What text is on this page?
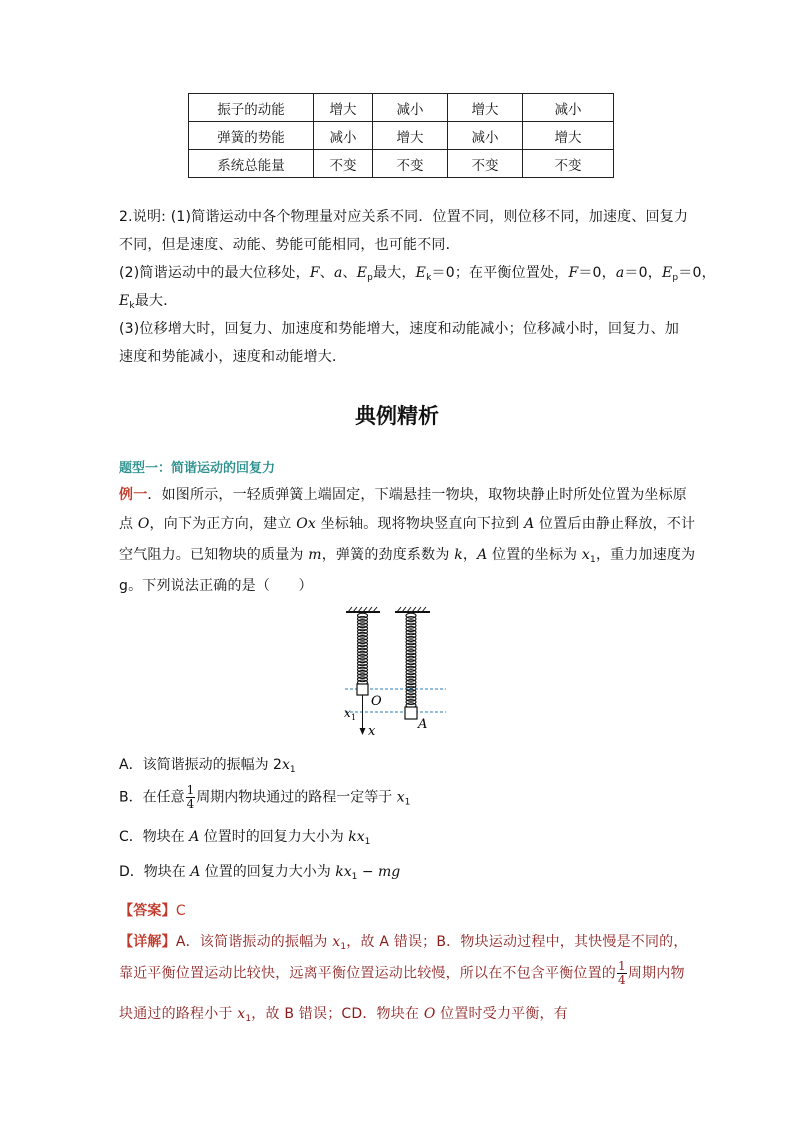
振子的动能	增大	减小	增大	减小
弹簧的势能	减小	增大	减小	增大
系统总能量	不变	不变	不变	不变
2.说明: (1)简谐运动中各个物理量对应关系不同．位置不同，则位移不同，加速度、回复力
不同，但是速度、动能、势能可能相同，也可能不同．
(2)简谐运动中的最大位移处，F、a、$E_p$最大，$E_k=0$；在平衡位置处，F＝0，a＝0，$E_p=0$，
$E_k$最大．
(3)位移增大时，回复力、加速度和势能增大，速度和动能减小；位移减小时，回复力、加
速度和势能减小，速度和动能增大．
典例精析
题型一：简谐运动的回复力
例一．如图所示，一轻质弹簧上端固定，下端悬挂一物块，取物块静止时所处位置为坐标原
点 O，向下为正方向，建立 Ox 坐标轴。现将物块竖直向下拉到 A 位置后由静止释放，不计
空气阻力。已知物块的质量为 m，弹簧的劲度系数为 k，A 位置的坐标为 $x_1$，重力加速度为
g。下列说法正确的是（　　）
O
A
x 1
x
A．该简谐振动的振幅为 $2x_1$
B．在任意 $\frac{1}{4}$ 周期内物块通过的路程一定等于 $x_1$
C．物块在 A 位置时的回复力大小为 $kx_1$
D．物块在 A 位置的回复力大小为 $kx_1$ − mg
【答案】C
【详解】A．该简谐振动的振幅为 $x_1$，故 A 错误；B．物块运动过程中，其快慢是不同的，
靠近平衡位置运动比较快，远离平衡位置运动比较慢，所以在不包含平衡位置的 $\frac{1}{4}$ 周期内物
块通过的路程小于 $x_1$，故 B 错误；CD．物块在 O 位置时受力平衡，有
